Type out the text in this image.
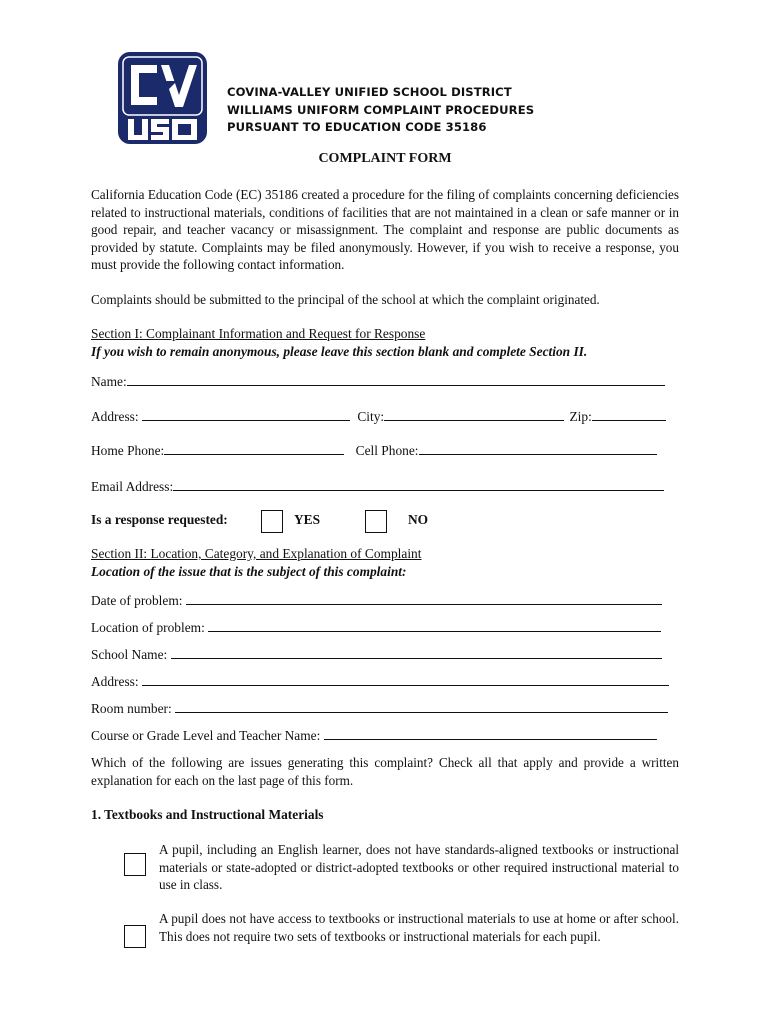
COVINA-VALLEY UNIFIED SCHOOL DISTRICT
WILLIAMS UNIFORM COMPLAINT PROCEDURES
PURSUANT TO EDUCATION CODE 35186
COMPLAINT FORM
California Education Code (EC) 35186 created a procedure for the filing of complaints concerning deficiencies related to instructional materials, conditions of facilities that are not maintained in a clean or safe manner or in good repair, and teacher vacancy or misassignment. The complaint and response are public documents as provided by statute. Complaints may be filed anonymously. However, if you wish to receive a response, you must provide the following contact information.
Complaints should be submitted to the principal of the school at which the complaint originated.
Section I: Complainant Information and Request for Response
If you wish to remain anonymous, please leave this section blank and complete Section II.
Name:
Address:	City:	Zip:
Home Phone:	Cell Phone:
Email Address:
Is a response requested:	YES	NO
Section II: Location, Category, and Explanation of Complaint
Location of the issue that is the subject of this complaint:
Date of problem:
Location of problem:
School Name:
Address:
Room number:
Course or Grade Level and Teacher Name:
Which of the following are issues generating this complaint? Check all that apply and provide a written explanation for each on the last page of this form.
1. Textbooks and Instructional Materials
A pupil, including an English learner, does not have standards-aligned textbooks or instructional materials or state-adopted or district-adopted textbooks or other required instructional material to use in class.
A pupil does not have access to textbooks or instructional materials to use at home or after school. This does not require two sets of textbooks or instructional materials for each pupil.
